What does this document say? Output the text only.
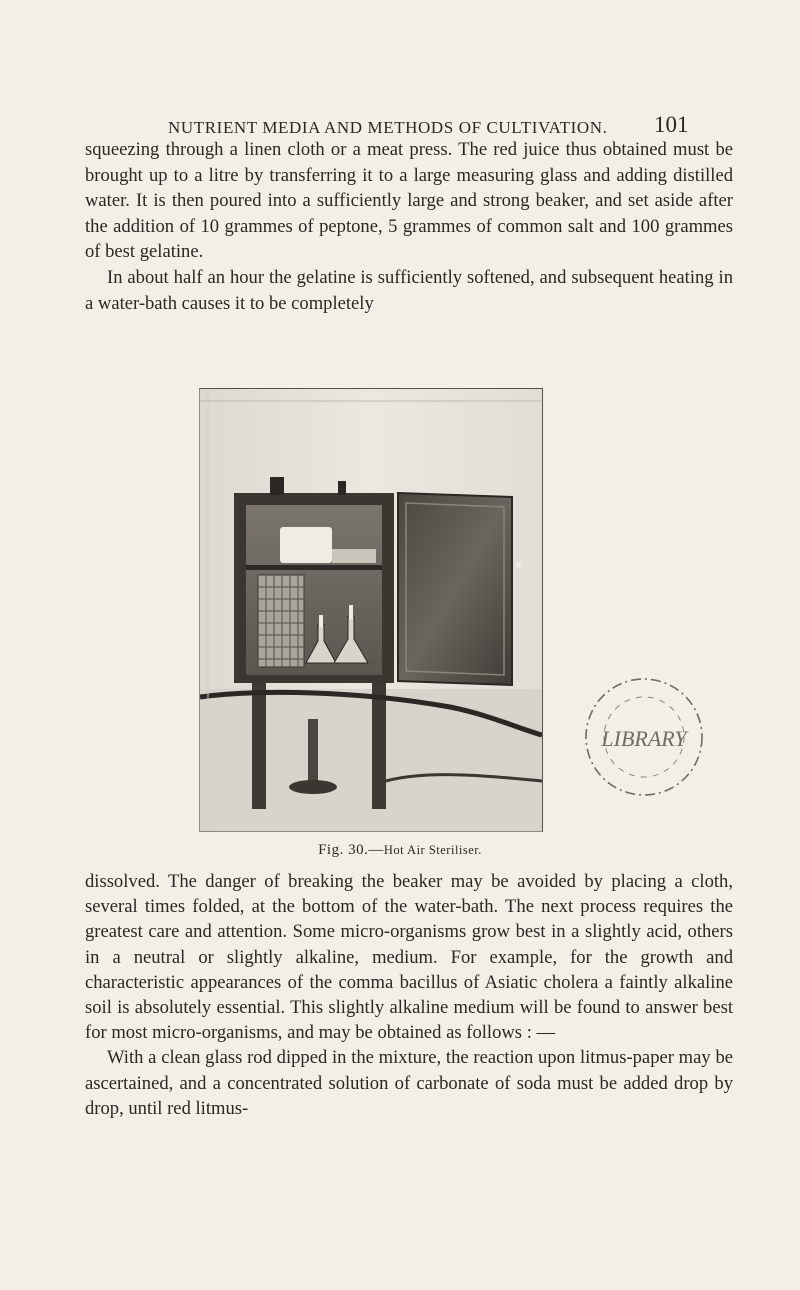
NUTRIENT MEDIA AND METHODS OF CULTIVATION. 101

squeezing through a linen cloth or a meat press. The red juice thus obtained must be brought up to a litre by transferring it to a large measuring glass and adding distilled water. It is then poured into a sufficiently large and strong beaker, and set aside after the addition of 10 grammes of peptone, 5 grammes of common salt and 100 grammes of best gelatine.

In about half an hour the gelatine is sufficiently softened, and subsequent heating in a water-bath causes it to be completely

Fig. 30.—Hot Air Steriliser.
LIBRARY

dissolved. The danger of breaking the beaker may be avoided by placing a cloth, several times folded, at the bottom of the water-bath. The next process requires the greatest care and attention. Some micro-organisms grow best in a slightly acid, others in a neutral or slightly alkaline, medium. For example, for the growth and characteristic appearances of the comma bacillus of Asiatic cholera a faintly alkaline soil is absolutely essential. This slightly alkaline medium will be found to answer best for most micro-organisms, and may be obtained as follows : —

With a clean glass rod dipped in the mixture, the reaction upon litmus-paper may be ascertained, and a concentrated solution of carbonate of soda must be added drop by drop, until red litmus-
